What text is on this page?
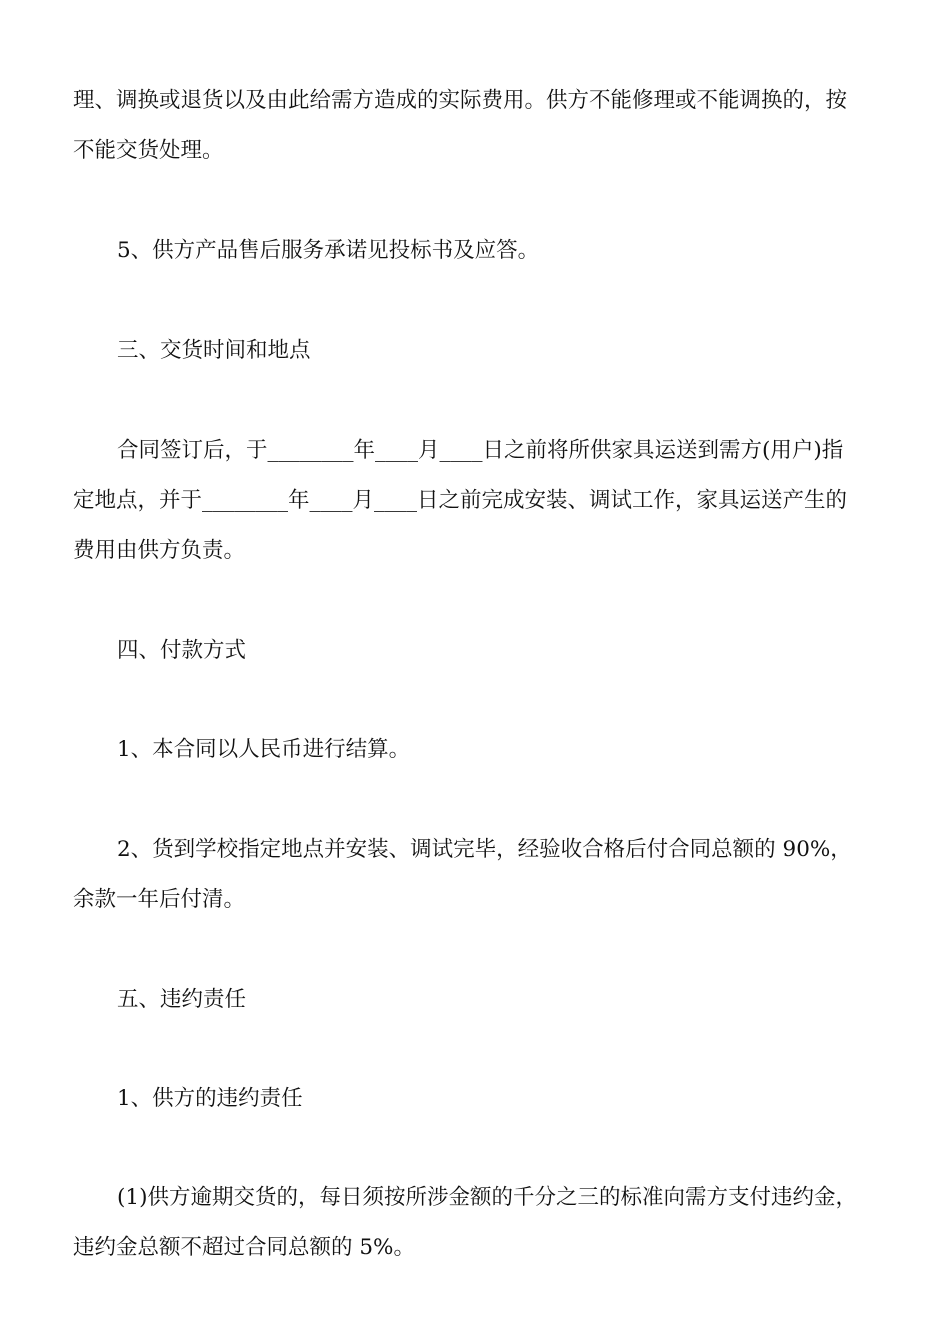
理、调换或退货以及由此给需方造成的实际费用。供方不能修理或不能调换的，按
不能交货处理。

5、供方产品售后服务承诺见投标书及应答。

三、交货时间和地点

合同签订后，于________年____月____日之前将所供家具运送到需方(用户)指
定地点，并于________年____月____日之前完成安装、调试工作，家具运送产生的
费用由供方负责。

四、付款方式

1、本合同以人民币进行结算。

2、货到学校指定地点并安装、调试完毕，经验收合格后付合同总额的 90%，
余款一年后付清。

五、违约责任

1、供方的违约责任

(1)供方逾期交货的，每日须按所涉金额的千分之三的标准向需方支付违约金，
违约金总额不超过合同总额的 5%。
